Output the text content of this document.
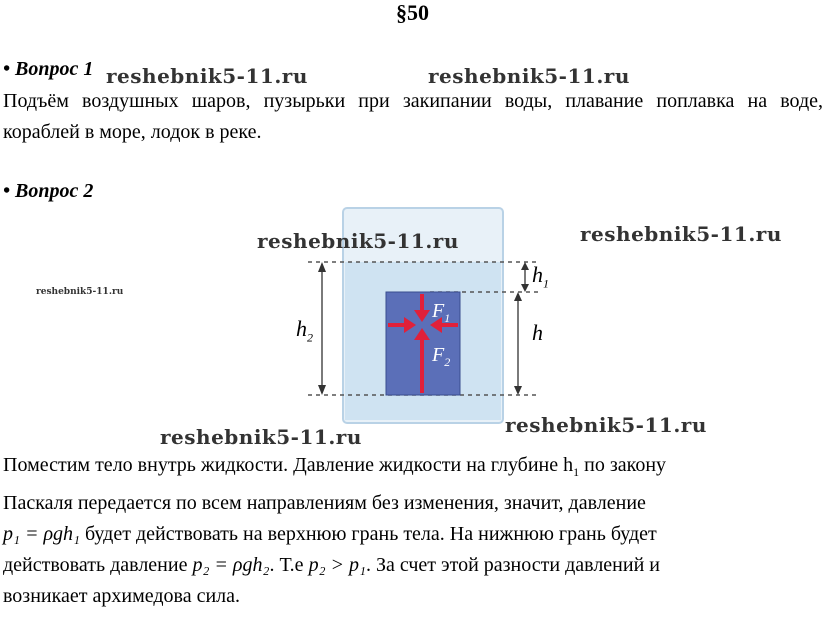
§50
• Вопрос 1 reshebnik5-11.ru	reshebnik5-11.ru
Подъём воздушных шаров, пузырьки при закипании воды, плавание поплавка на воде, кораблей в море, лодок в реке.
• Вопрос 2
$h_1$
$h_2$	h
$F_1$
$F_2$
reshebnik5-11.ru	reshebnik5-11.ru
reshebnik5-11.ru
reshebnik5-11.ru	reshebnik5-11.ru
Поместим тело внутрь жидкости. Давление жидкости на глубине $h_1$ по закону
Паскаля передается по всем направлениям без изменения, значит, давление
p₁ = ρgh₁ будет действовать на верхнюю грань тела. На нижнюю грань будет
действовать давление p₂ = ρgh₂. Т.е p₂ > p₁. За счет этой разности давлений и
возникает архимедова сила.
